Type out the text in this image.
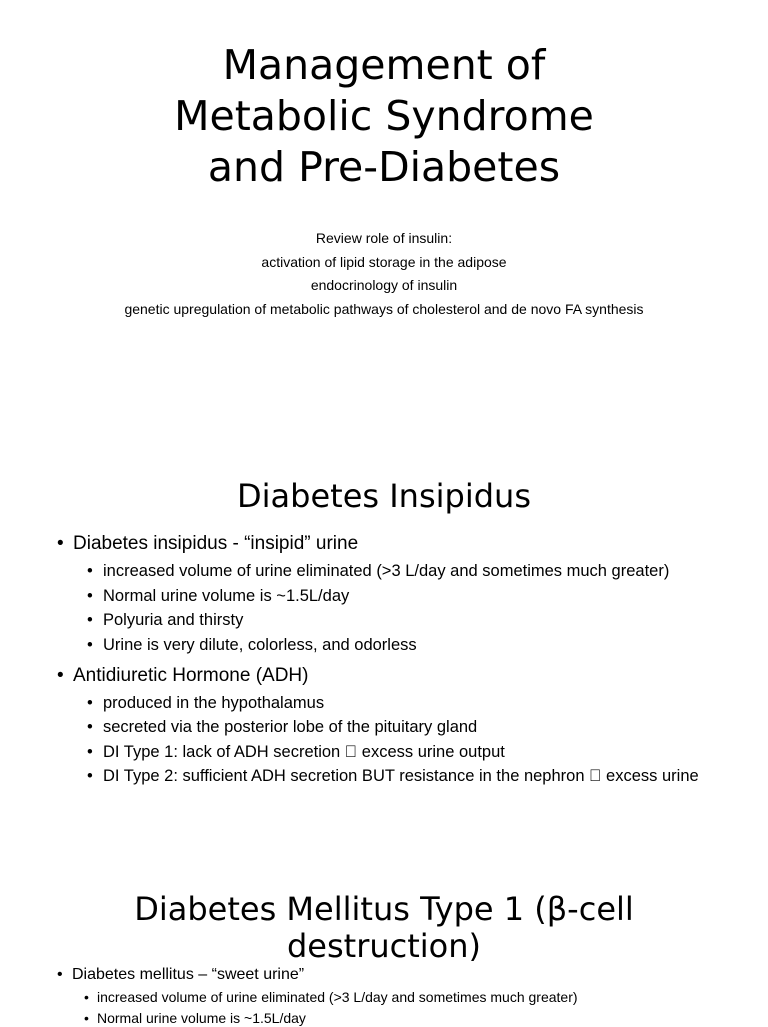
Management of
Metabolic Syndrome
and Pre-Diabetes
Review role of insulin:
activation of lipid storage in the adipose
endocrinology of insulin
genetic upregulation of metabolic pathways of cholesterol and de novo FA synthesis
Diabetes Insipidus
• Diabetes insipidus - “insipid” urine
• increased volume of urine eliminated (>3 L/day and sometimes much greater)
• Normal urine volume is ~1.5L/day
• Polyuria and thirsty
• Urine is very dilute, colorless, and odorless
• Antidiuretic Hormone (ADH)
• produced in the hypothalamus
• secreted via the posterior lobe of the pituitary gland
• DI Type 1: lack of ADH secretion   excess urine output
• DI Type 2: sufficient ADH secretion BUT resistance in the nephron   excess urine
Diabetes Mellitus Type 1 (β-cell
destruction)
• Diabetes mellitus – “sweet urine”
• increased volume of urine eliminated (>3 L/day and sometimes much greater)
• Normal urine volume is ~1.5L/day
